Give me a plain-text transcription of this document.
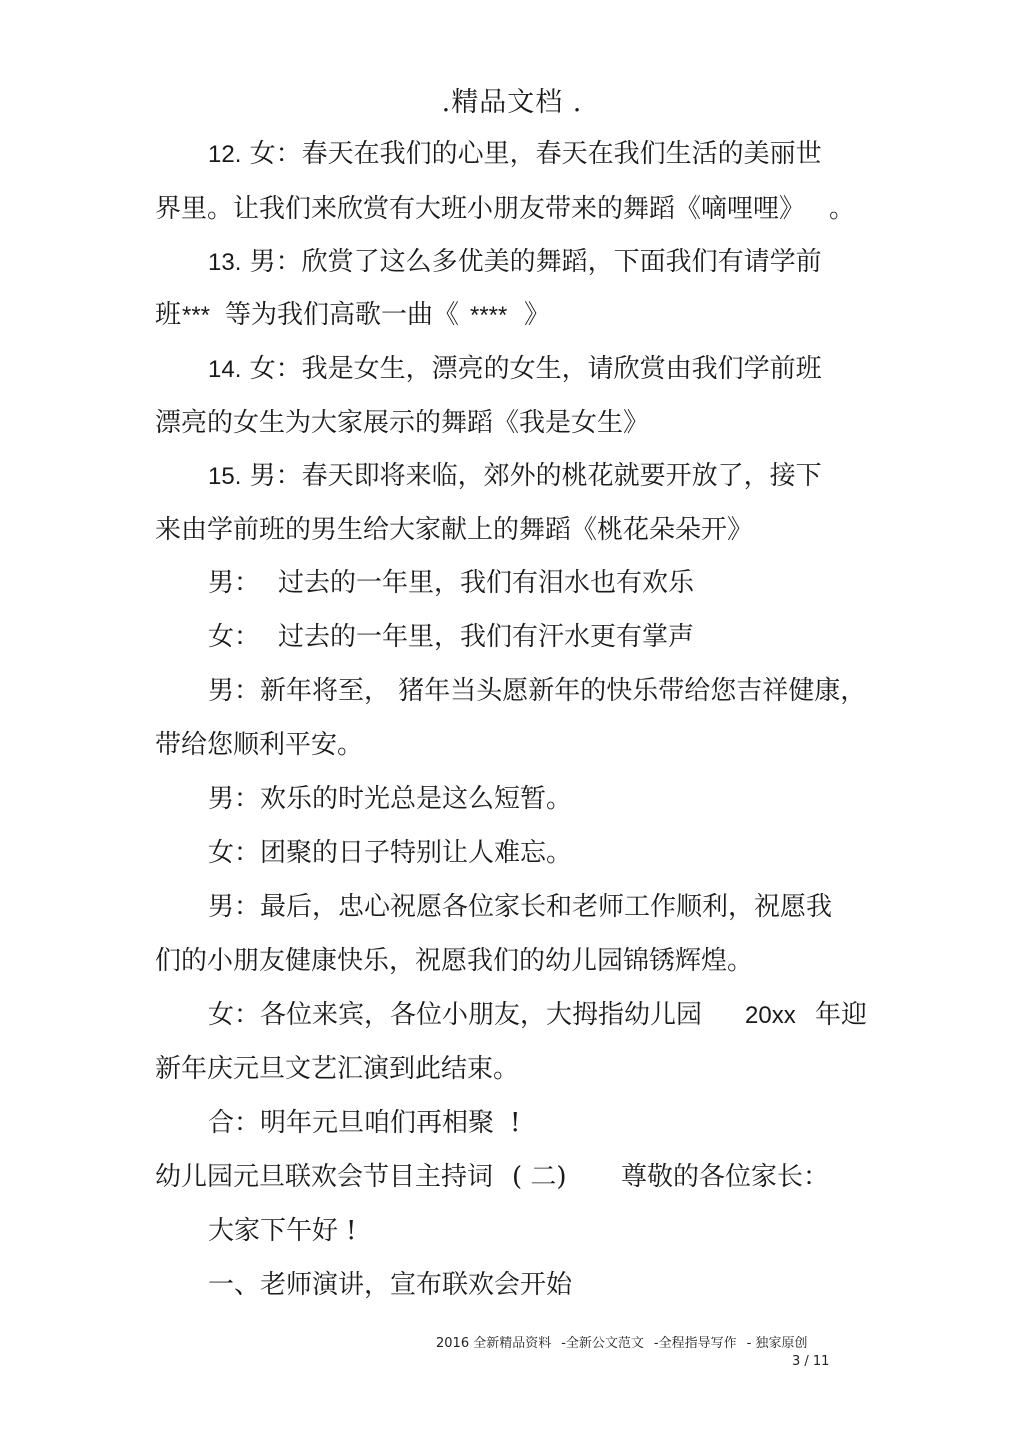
.精品文档 .
12. 女：春天在我们的心里，春天在我们生活的美丽世
界里。让我们来欣赏有大班小朋友带来的舞蹈《嘀哩哩》 。
13. 男：欣赏了这么多优美的舞蹈，下面我们有请学前
班 *** 等为我们高歌一曲《 **** 》
14. 女：我是女生，漂亮的女生，请欣赏由我们学前班
漂亮的女生为大家展示的舞蹈《我是女生》
15. 男：春天即将来临，郊外的桃花就要开放了，接下
来由学前班的男生给大家献上的舞蹈《桃花朵朵开》
男： 过去的一年里，我们有泪水也有欢乐
女： 过去的一年里，我们有汗水更有掌声
男：新年将至， 猪年当头愿新年的快乐带给您吉祥健康，
带给您顺利平安。
男：欢乐的时光总是这么短暂。
女：团聚的日子特别让人难忘。
男：最后，忠心祝愿各位家长和老师工作顺利，祝愿我
们的小朋友健康快乐，祝愿我们的幼儿园锦锈辉煌。
女：各位来宾，各位小朋友，大拇指幼儿园 20xx 年迎
新年庆元旦文艺汇演到此结束。
合：明年元旦咱们再相聚 !
幼儿园元旦联欢会节目主持词 ( 二) 尊敬的各位家长：
大家下午好 !
一、老师演讲，宣布联欢会开始
2016 全新精品资料 -全新公文范文 -全程指导写作 - 独家原创
3 / 11
